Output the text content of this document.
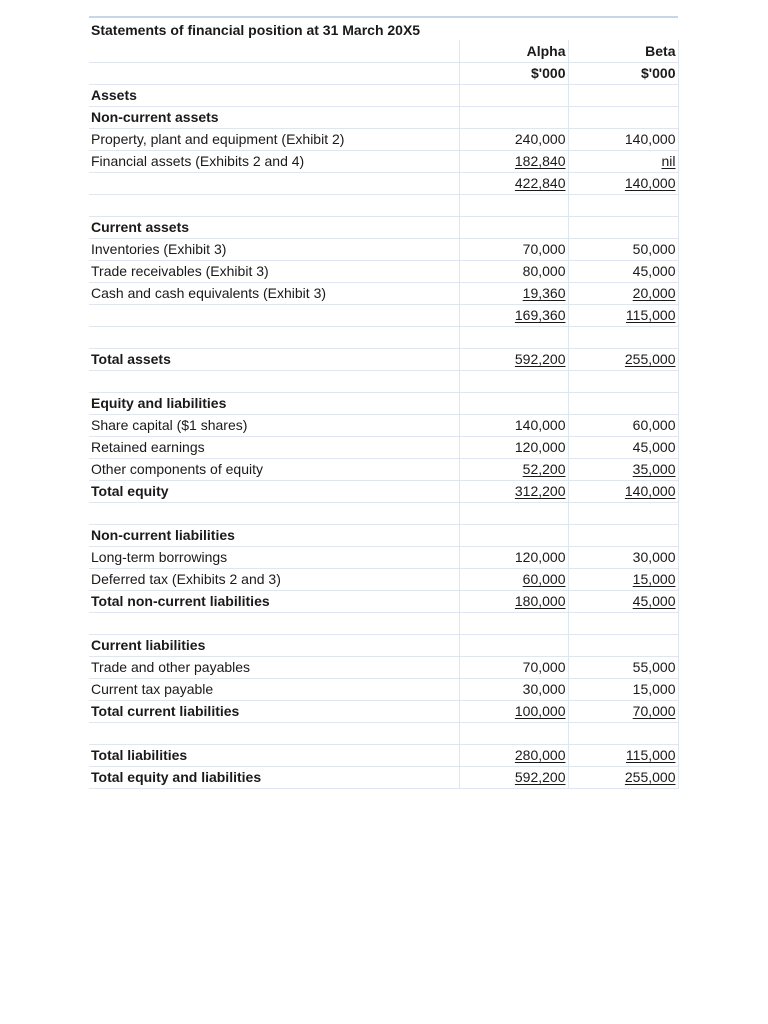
Statements of financial position at 31 March 20X5
	Alpha	Beta
	$'000	$'000
Assets		
Non-current assets		
Property, plant and equipment (Exhibit 2)	240,000	140,000
Financial assets (Exhibits 2 and 4)	182,840	nil
	422,840	140,000

Current assets		
Inventories (Exhibit 3)	70,000	50,000
Trade receivables (Exhibit 3)	80,000	45,000
Cash and cash equivalents (Exhibit 3)	19,360	20,000
	169,360	115,000

Total assets	592,200	255,000

Equity and liabilities		
Share capital ($1 shares)	140,000	60,000
Retained earnings	120,000	45,000
Other components of equity	52,200	35,000
Total equity	312,200	140,000

Non-current liabilities		
Long-term borrowings	120,000	30,000
Deferred tax (Exhibits 2 and 3)	60,000	15,000
Total non-current liabilities	180,000	45,000

Current liabilities		
Trade and other payables	70,000	55,000
Current tax payable	30,000	15,000
Total current liabilities	100,000	70,000

Total liabilities	280,000	115,000
Total equity and liabilities	592,200	255,000
